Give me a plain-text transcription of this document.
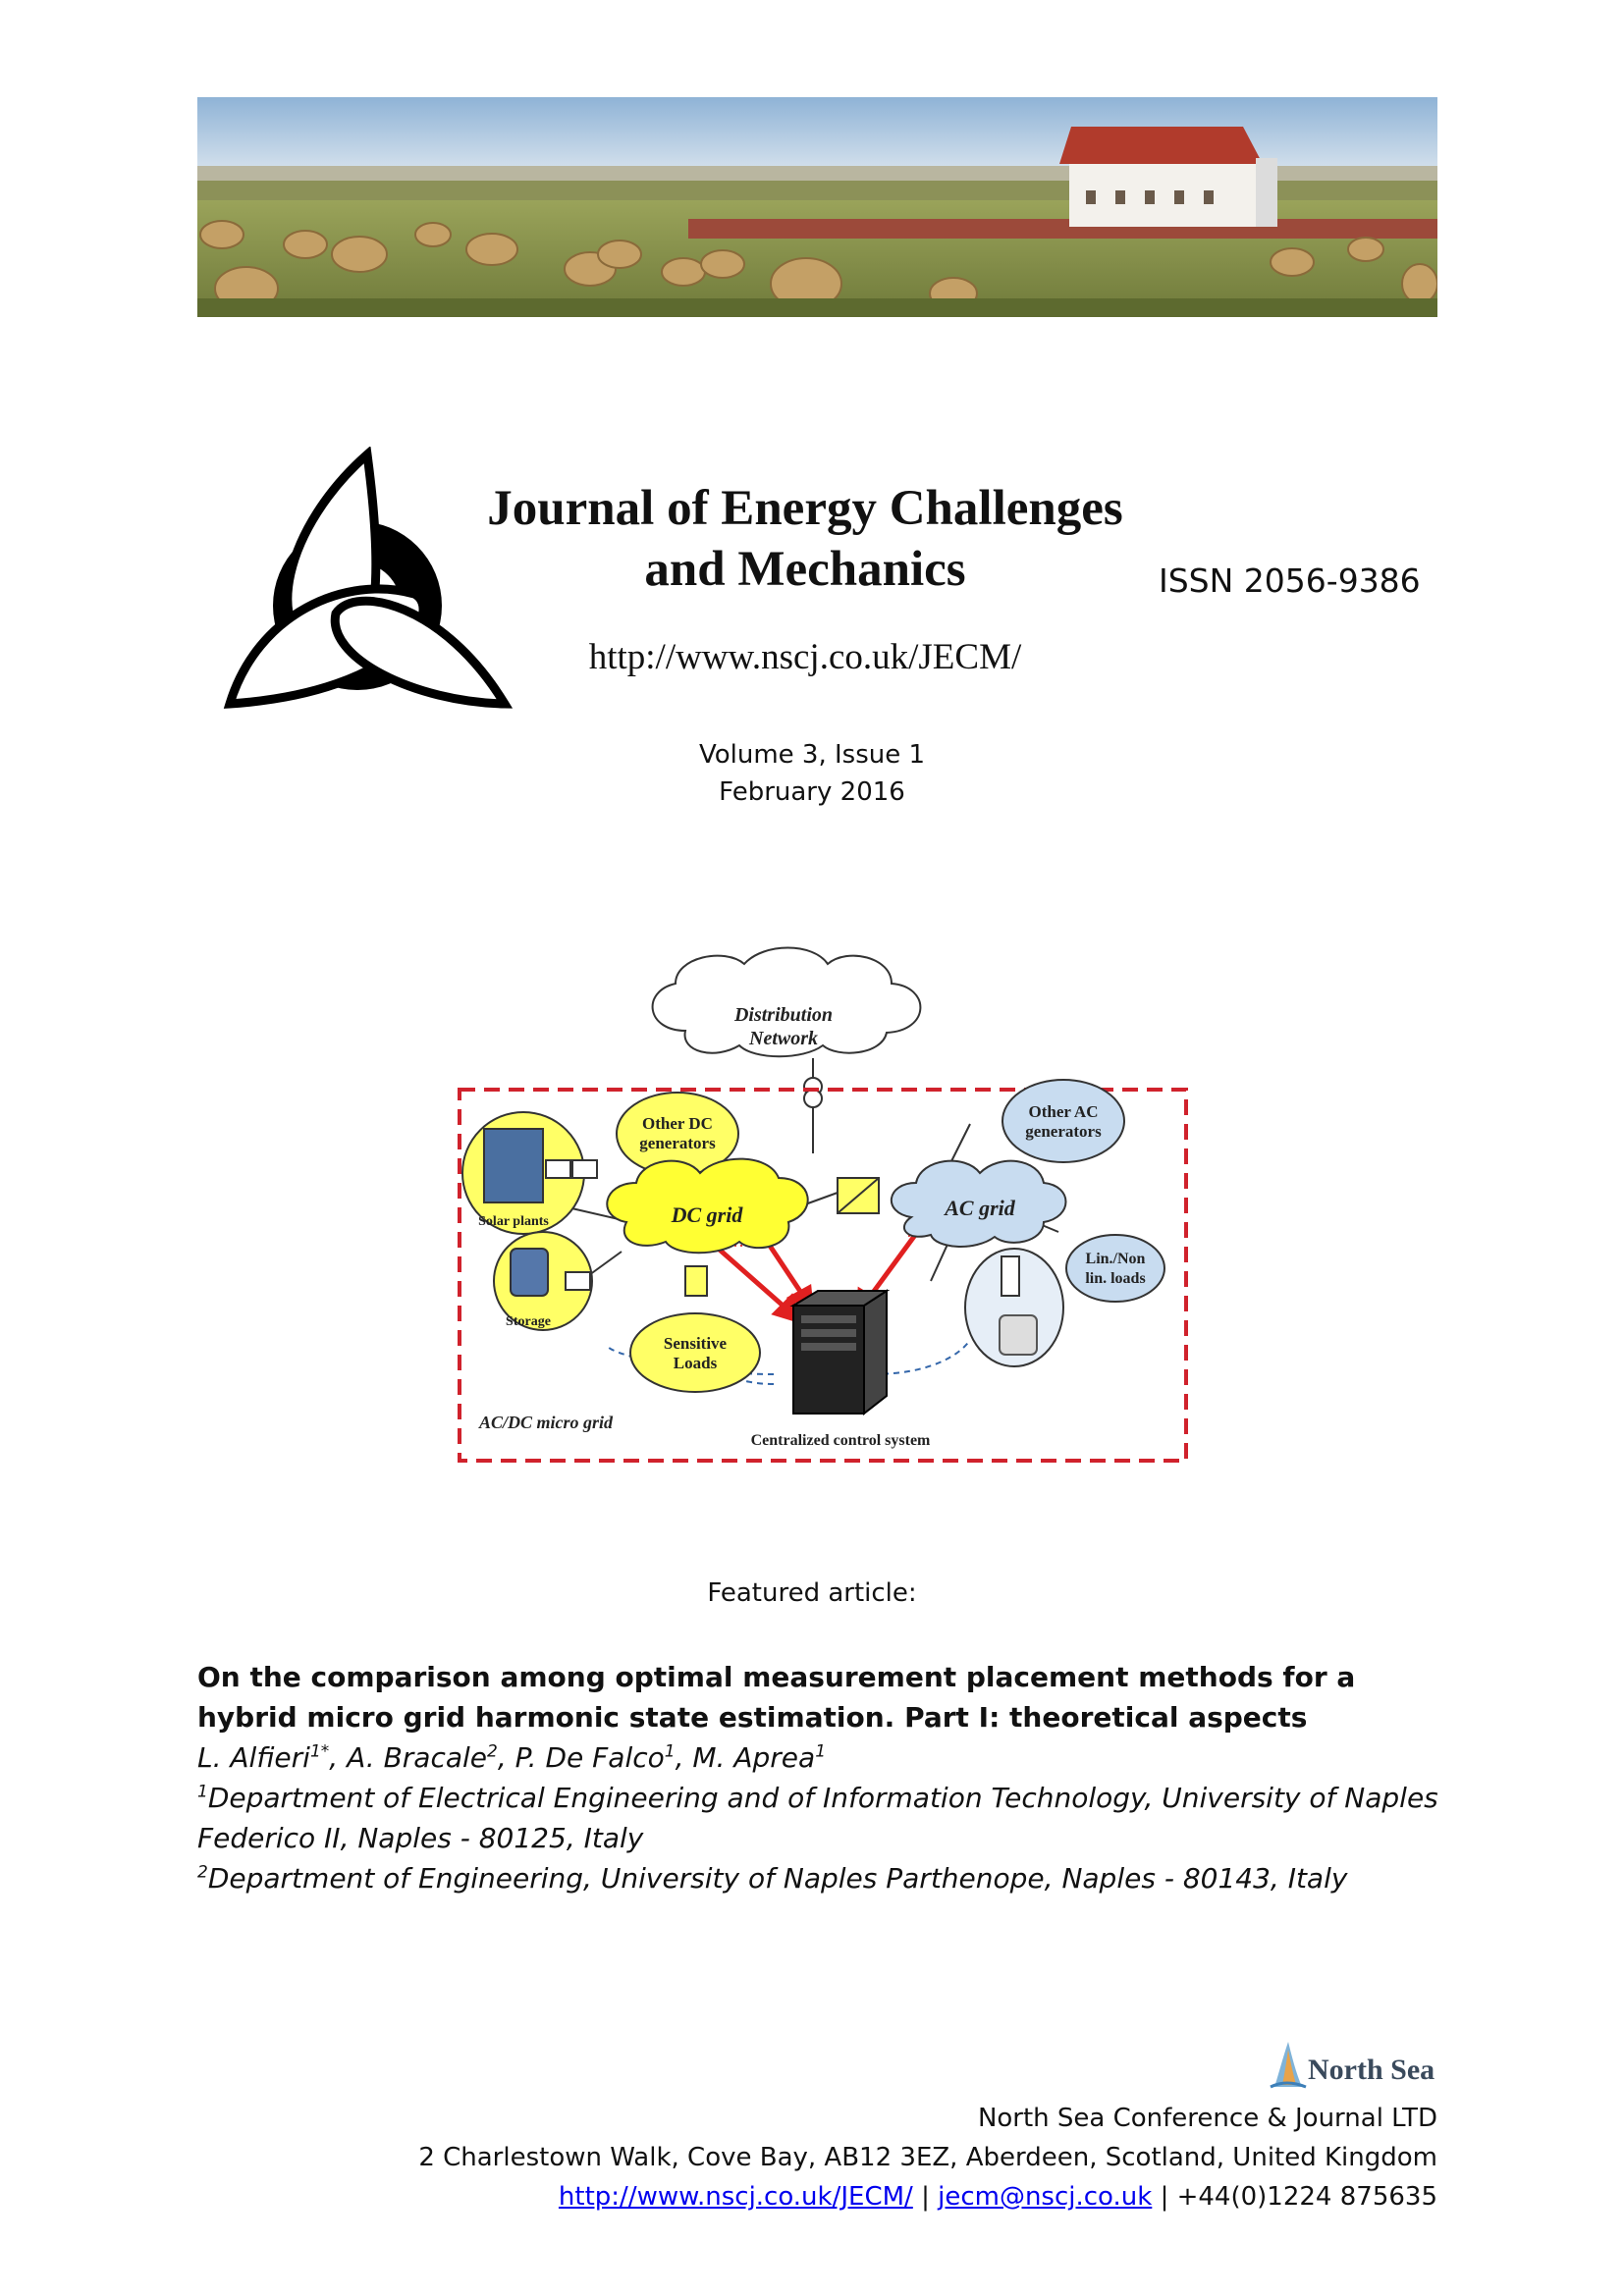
Journal of Energy Challenges
and Mechanics	ISSN 2056-9386
http://www.nscj.co.uk/JECM/
Volume 3, Issue 1
February 2016
Distribution
Network
AC/DC micro grid
Solar plants
Storage
Other DC
generators
DC grid	AC grid
Other AC
generators
Lin./Non
lin. loads
Sensitive
Loads
Centralized control system
Featured article:

On the comparison among optimal measurement placement methods for a hybrid micro grid harmonic state estimation. Part I: theoretical aspects

L. Alfieri$^{1*}$, A. Bracale$^2$, P. De Falco$^1$, M. Aprea$^1$

$^1$Department of Electrical Engineering and of Information Technology, University of Naples Federico II, Naples - 80125, Italy

$^2$Department of Engineering, University of Naples Parthenope, Naples - 80143, Italy

North Sea
North Sea Conference & Journal LTD
2 Charlestown Walk, Cove Bay, AB12 3EZ, Aberdeen, Scotland, United Kingdom
http://www.nscj.co.uk/JECM/ | jecm@nscj.co.uk | +44(0)1224 875635
